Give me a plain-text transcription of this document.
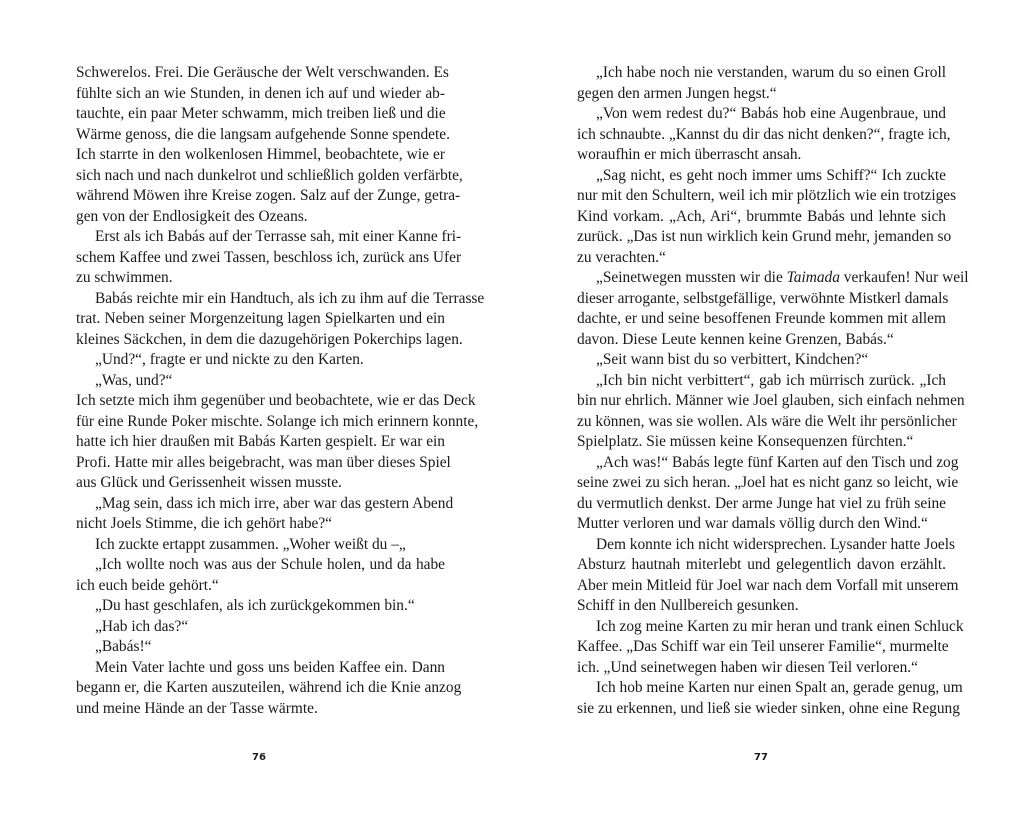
Schwerelos. Frei. Die Geräusche der Welt verschwanden. Es
fühlte sich an wie Stunden, in denen ich auf und wieder ab-
tauchte, ein paar Meter schwamm, mich treiben ließ und die
Wärme genoss, die die langsam aufgehende Sonne spendete.
Ich starrte in den wolkenlosen Himmel, beobachtete, wie er
sich nach und nach dunkelrot und schließlich golden verfärbte,
während Möwen ihre Kreise zogen. Salz auf der Zunge, getra-
gen von der Endlosigkeit des Ozeans.
Erst als ich Babás auf der Terrasse sah, mit einer Kanne fri-
schem Kaffee und zwei Tassen, beschloss ich, zurück ans Ufer
zu schwimmen.
Babás reichte mir ein Handtuch, als ich zu ihm auf die Terrasse
trat. Neben seiner Morgenzeitung lagen Spielkarten und ein
kleines Säckchen, in dem die dazugehörigen Pokerchips lagen.
„Und?“, fragte er und nickte zu den Karten.
„Was, und?“
Ich setzte mich ihm gegenüber und beobachtete, wie er das Deck
für eine Runde Poker mischte. Solange ich mich erinnern konnte,
hatte ich hier draußen mit Babás Karten gespielt. Er war ein
Profi. Hatte mir alles beigebracht, was man über dieses Spiel
aus Glück und Gerissenheit wissen musste.
„Mag sein, dass ich mich irre, aber war das gestern Abend
nicht Joels Stimme, die ich gehört habe?“
Ich zuckte ertappt zusammen. „Woher weißt du –„
„Ich wollte noch was aus der Schule holen, und da habe
ich euch beide gehört.“
„Du hast geschlafen, als ich zurückgekommen bin.“
„Hab ich das?“
„Babás!“
Mein Vater lachte und goss uns beiden Kaffee ein. Dann
begann er, die Karten auszuteilen, während ich die Knie anzog
und meine Hände an der Tasse wärmte.
„Ich habe noch nie verstanden, warum du so einen Groll
gegen den armen Jungen hegst.“
„Von wem redest du?“ Babás hob eine Augenbraue, und
ich schnaubte. „Kannst du dir das nicht denken?“, fragte ich,
woraufhin er mich überrascht ansah.
„Sag nicht, es geht noch immer ums Schiff?“ Ich zuckte
nur mit den Schultern, weil ich mir plötzlich wie ein trotziges
Kind vorkam. „Ach, Ari“, brummte Babás und lehnte sich
zurück. „Das ist nun wirklich kein Grund mehr, jemanden so
zu verachten.“
„Seinetwegen mussten wir die Taimada verkaufen! Nur weil
dieser arrogante, selbstgefällige, verwöhnte Mistkerl damals
dachte, er und seine besoffenen Freunde kommen mit allem
davon. Diese Leute kennen keine Grenzen, Babás.“
„Seit wann bist du so verbittert, Kindchen?“
„Ich bin nicht verbittert“, gab ich mürrisch zurück. „Ich
bin nur ehrlich. Männer wie Joel glauben, sich einfach nehmen
zu können, was sie wollen. Als wäre die Welt ihr persönlicher
Spielplatz. Sie müssen keine Konsequenzen fürchten.“
„Ach was!“ Babás legte fünf Karten auf den Tisch und zog
seine zwei zu sich heran. „Joel hat es nicht ganz so leicht, wie
du vermutlich denkst. Der arme Junge hat viel zu früh seine
Mutter verloren und war damals völlig durch den Wind.“
Dem konnte ich nicht widersprechen. Lysander hatte Joels
Absturz hautnah miterlebt und gelegentlich davon erzählt.
Aber mein Mitleid für Joel war nach dem Vorfall mit unserem
Schiff in den Nullbereich gesunken.
Ich zog meine Karten zu mir heran und trank einen Schluck
Kaffee. „Das Schiff war ein Teil unserer Familie“, murmelte
ich. „Und seinetwegen haben wir diesen Teil verloren.“
Ich hob meine Karten nur einen Spalt an, gerade genug, um
sie zu erkennen, und ließ sie wieder sinken, ohne eine Regung
76	77
